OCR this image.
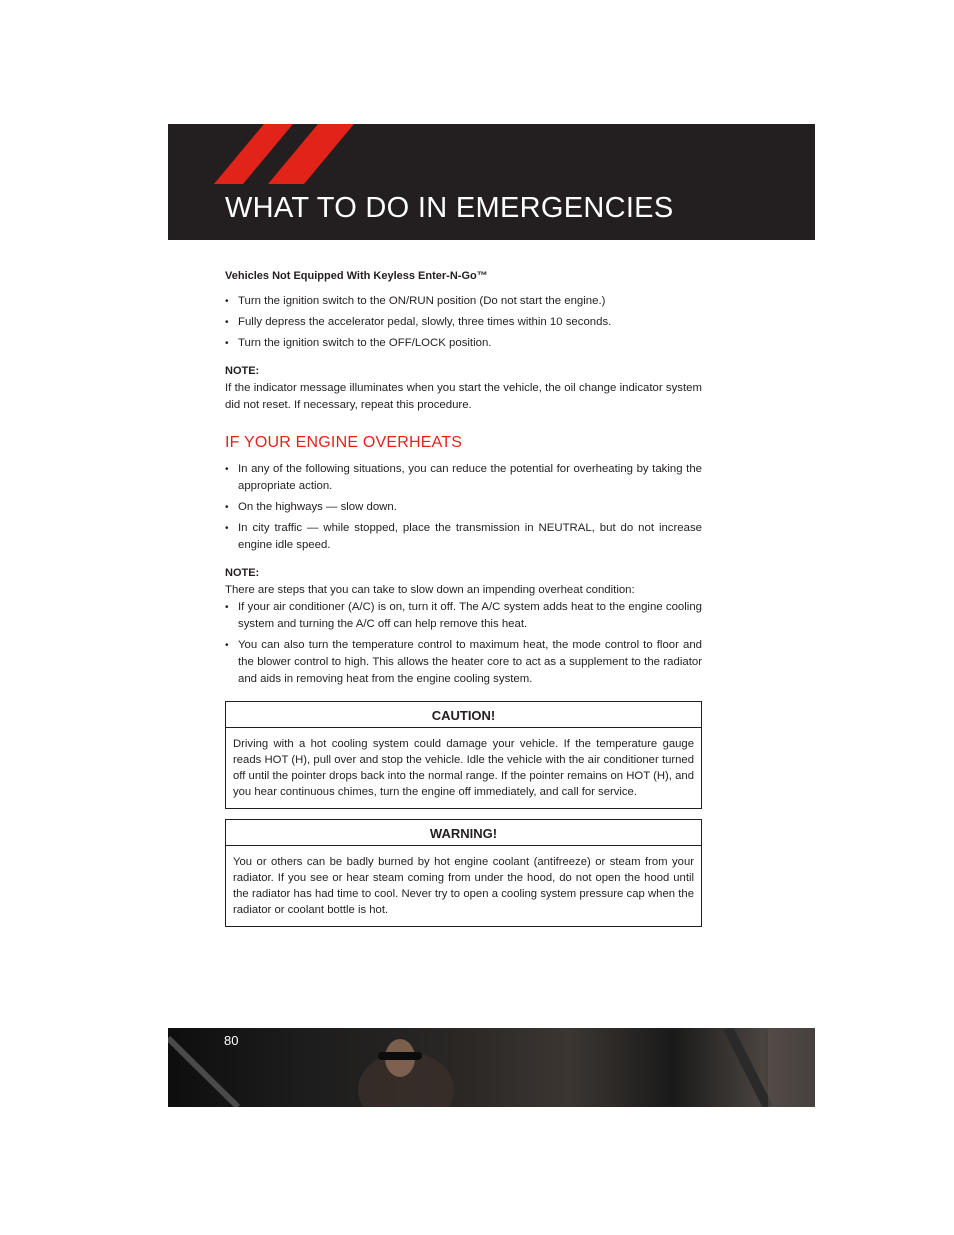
WHAT TO DO IN EMERGENCIES

Vehicles Not Equipped With Keyless Enter-N-Go™

• Turn the ignition switch to the ON/RUN position (Do not start the engine.)
• Fully depress the accelerator pedal, slowly, three times within 10 seconds.
• Turn the ignition switch to the OFF/LOCK position.

NOTE:

If the indicator message illuminates when you start the vehicle, the oil change indicator system did not reset. If necessary, repeat this procedure.

IF YOUR ENGINE OVERHEATS
• In any of the following situations, you can reduce the potential for overheating by taking the appropriate action.
• On the highways — slow down.
• In city traffic — while stopped, place the transmission in NEUTRAL, but do not increase engine idle speed.

NOTE:

There are steps that you can take to slow down an impending overheat condition:

• If your air conditioner (A/C) is on, turn it off. The A/C system adds heat to the engine cooling system and turning the A/C off can help remove this heat.
• You can also turn the temperature control to maximum heat, the mode control to floor and the blower control to high. This allows the heater core to act as a supplement to the radiator and aids in removing heat from the engine cooling system.
CAUTION!
Driving with a hot cooling system could damage your vehicle. If the temperature gauge reads HOT (H), pull over and stop the vehicle. Idle the vehicle with the air conditioner turned off until the pointer drops back into the normal range. If the pointer remains on HOT (H), and you hear continuous chimes, turn the engine off immediately, and call for service.
WARNING!
You or others can be badly burned by hot engine coolant (antifreeze) or steam from your radiator. If you see or hear steam coming from under the hood, do not open the hood until the radiator has had time to cool. Never try to open a cooling system pressure cap when the radiator or coolant bottle is hot.
80
